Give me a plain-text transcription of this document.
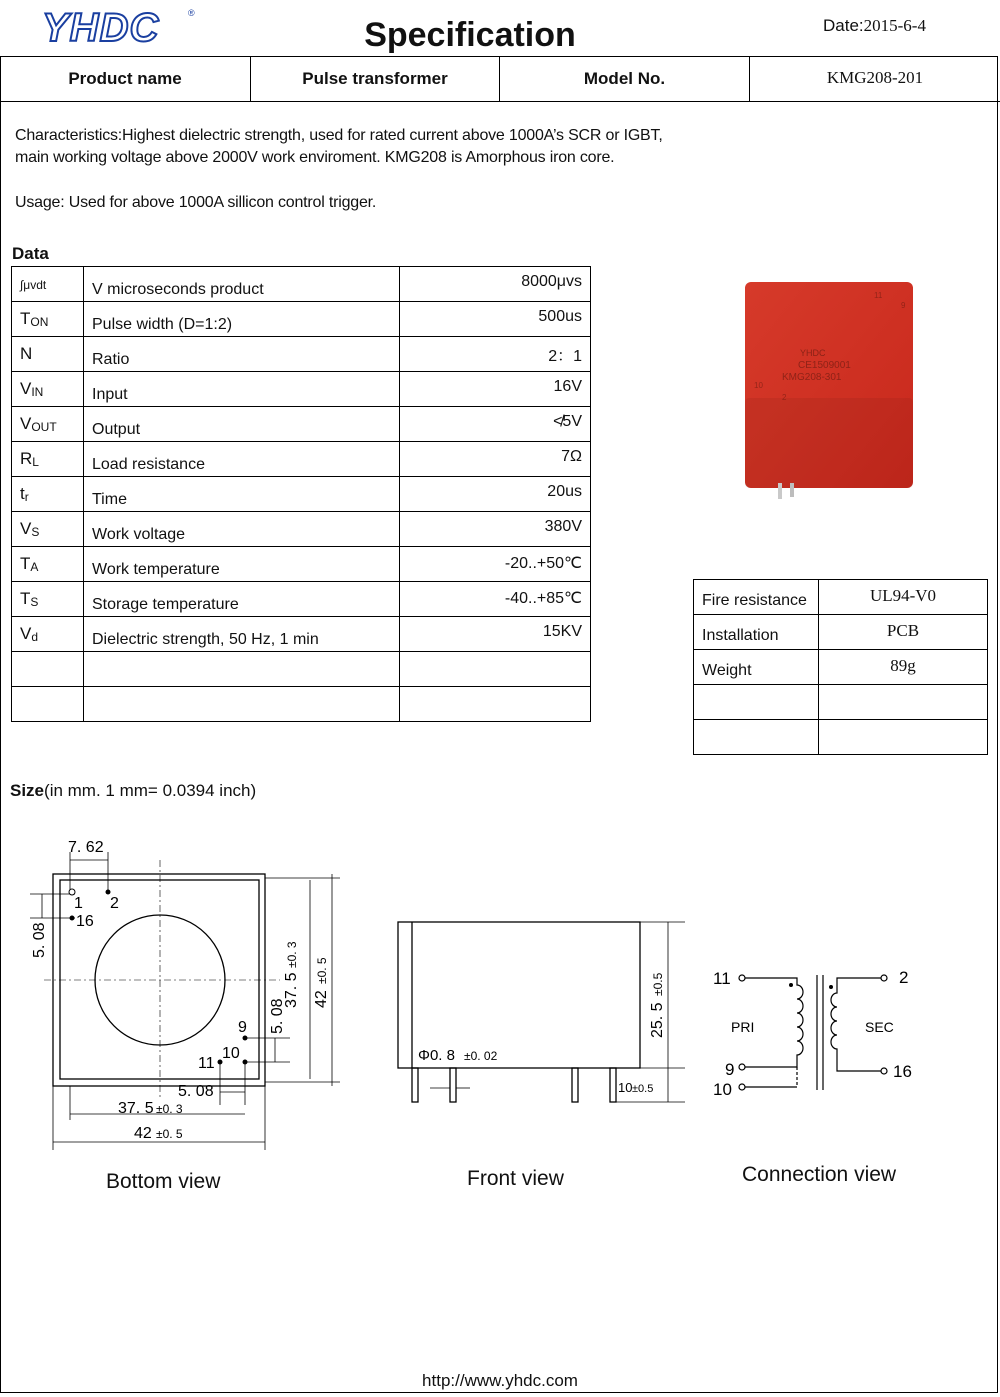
YHDC	®
Specification	Date:2015-6-4
Product name	Pulse transformer	Model No.	KMG208-201
Characteristics:Highest dielectric strength, used for rated current above 1000A’s SCR or IGBT,
main working voltage above 2000V work enviroment. KMG208 is Amorphous iron core.
Usage: Used for above 1000A sillicon control trigger.
Data
∫μvdt	V microseconds product	8000μvs
$T_{ON}$	Pulse width (D=1:2)	500us
N	Ratio	2：1
$V_{IN}$	Input	16V
$V_{OUT}$	Output	≮5V
$R_L$	Load resistance	7Ω
$t_r$	Time	20us
$V_S$	Work voltage	380V
$T_A$	Work temperature	-20..+50℃
$T_S$	Storage temperature	-40..+85℃
$V_d$	Dielectric strength, 50 Hz, 1 min	15KV

YHDC
CE1509001
KMG208-301
11
9
10
2
Fire resistance	UL94-V0
Installation	PCB
Weight	89g

Size(in mm. 1 mm= 0.0394 inch)
7. 62
5. 08
37. 5
±0. 3
42
±0. 5
5. 08
5. 08
37. 5 ±0. 3
42 ±0. 5
1 2
16
9
10
11
Bottom view
Φ0. 8 ±0. 02
25. 5
±0.5
10 ±0.5
Front view
11
9
10
2
16
PRI	SEC
Connection view
http://www.yhdc.com
